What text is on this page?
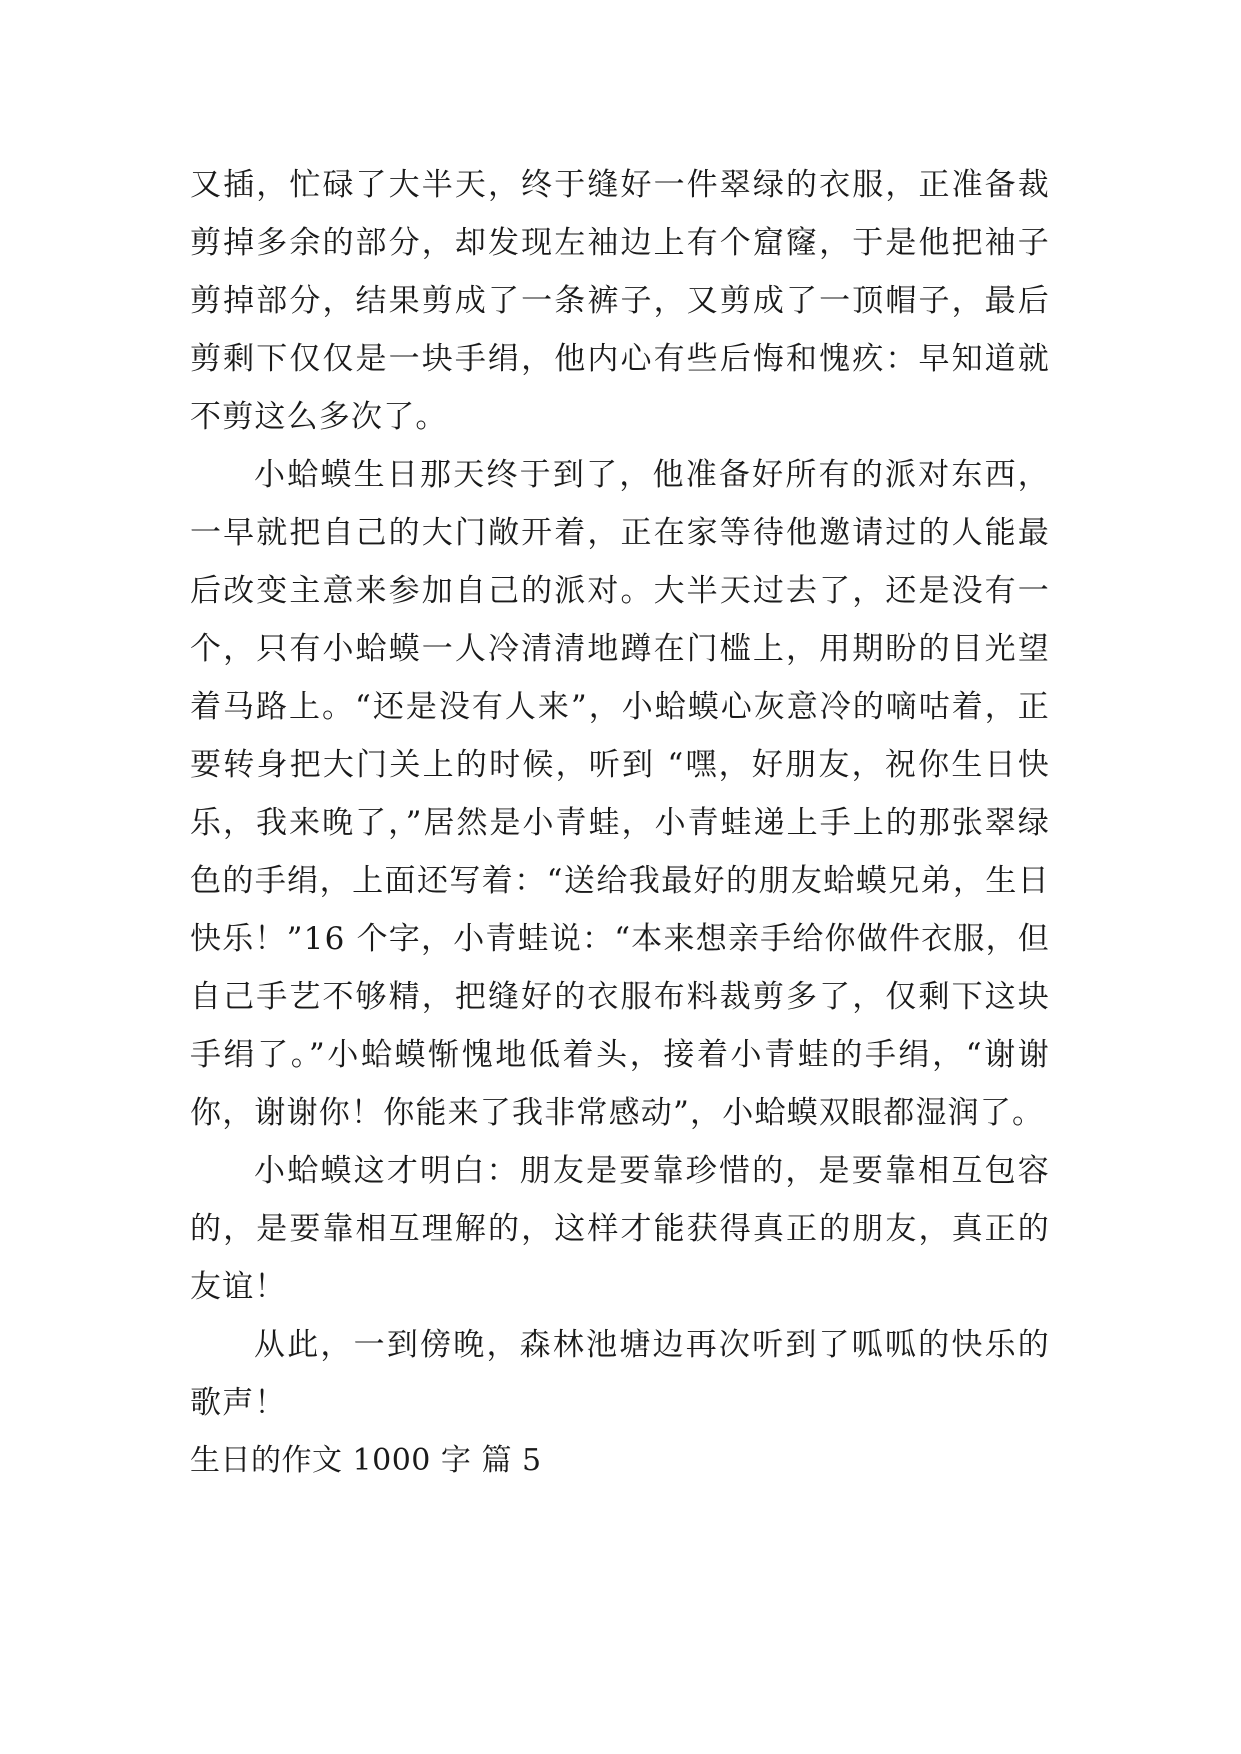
又插，忙碌了大半天，终于缝好一件翠绿的衣服，正准备裁剪掉多余的部分，却发现左袖边上有个窟窿，于是他把袖子剪掉部分，结果剪成了一条裤子，又剪成了一顶帽子，最后剪剩下仅仅是一块手绢，他内心有些后悔和愧疚：早知道就不剪这么多次了。

小蛤蟆生日那天终于到了，他准备好所有的派对东西，一早就把自己的大门敞开着，正在家等待他邀请过的人能最后改变主意来参加自己的派对。大半天过去了，还是没有一个，只有小蛤蟆一人冷清清地蹲在门槛上，用期盼的目光望着马路上。“还是没有人来”，小蛤蟆心灰意冷的嘀咕着，正要转身把大门关上的时候，听到 “嘿，好朋友，祝你生日快乐，我来晚了，”居然是小青蛙，小青蛙递上手上的那张翠绿色的手绢，上面还写着：“送给我最好的朋友蛤蟆兄弟，生日快乐！”16 个字，小青蛙说：“本来想亲手给你做件衣服，但自己手艺不够精，把缝好的衣服布料裁剪多了，仅剩下这块手绢了。”小蛤蟆惭愧地低着头，接着小青蛙的手绢，“谢谢你，谢谢你！你能来了我非常感动”，小蛤蟆双眼都湿润了。

小蛤蟆这才明白：朋友是要靠珍惜的，是要靠相互包容的，是要靠相互理解的，这样才能获得真正的朋友，真正的友谊！

从此，一到傍晚，森林池塘边再次听到了呱呱的快乐的歌声！

生日的作文 1000 字 篇 5
